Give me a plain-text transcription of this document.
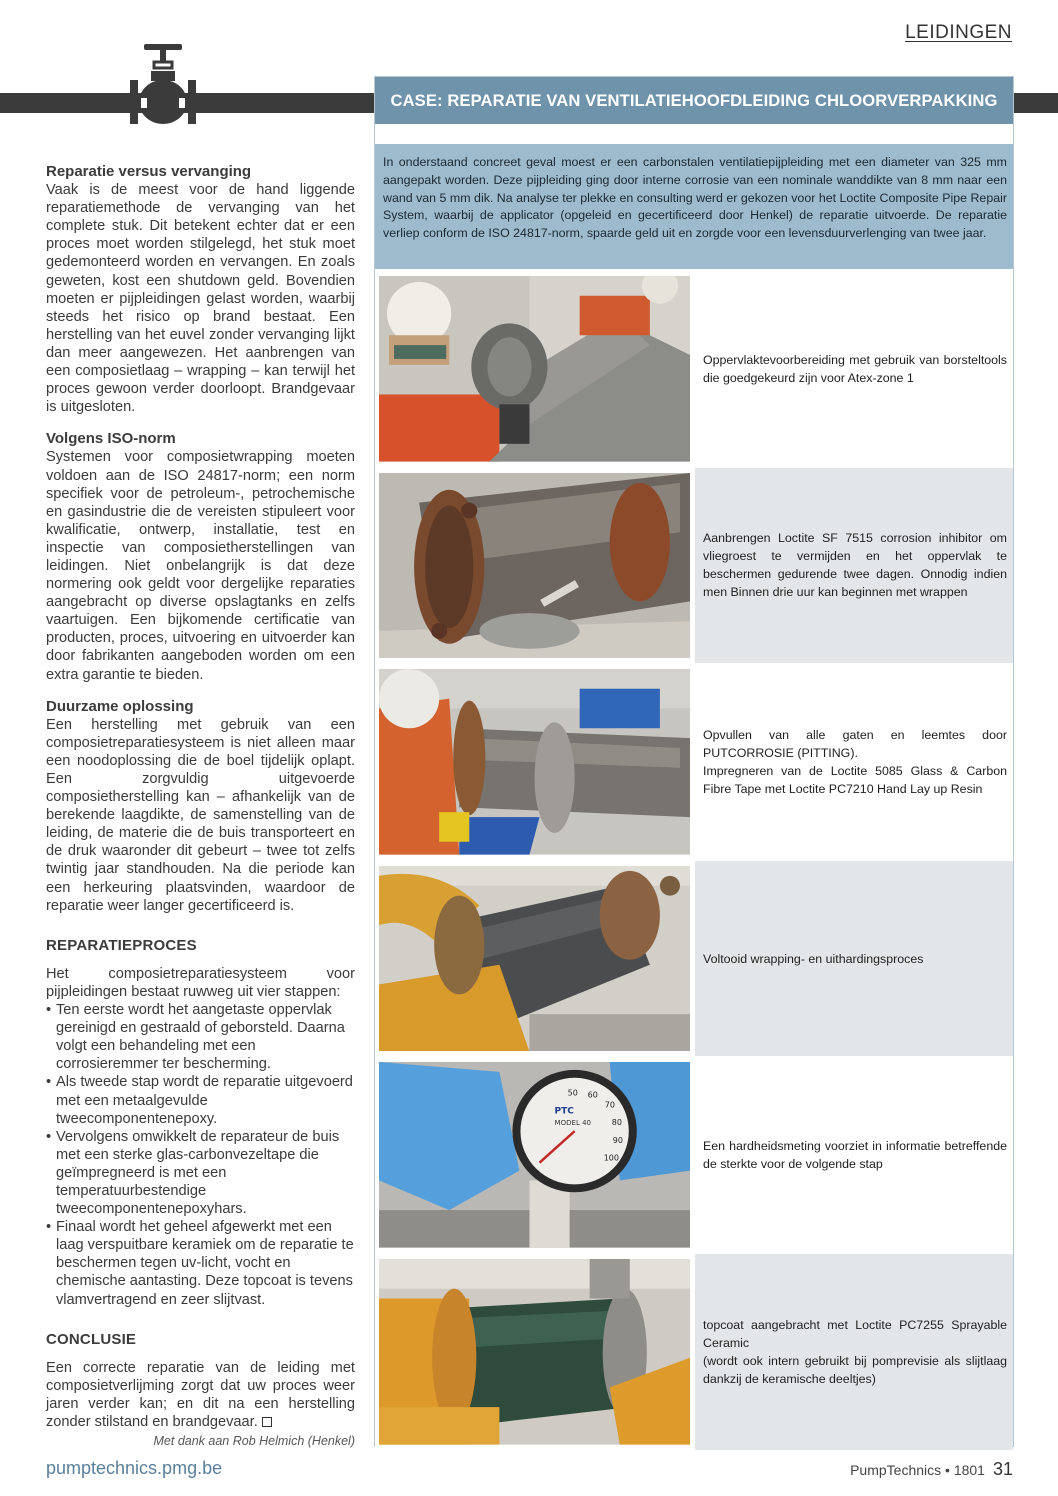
LEIDINGEN
Reparatie versus vervanging

Vaak is de meest voor de hand liggende reparatiemethode de vervanging van het complete stuk. Dit betekent echter dat er een proces moet worden stilgelegd, het stuk moet gedemonteerd worden en vervangen. En zoals geweten, kost een shutdown geld. Bovendien moeten er pijpleidingen gelast worden, waarbij steeds het risico op brand bestaat. Een herstelling van het euvel zonder vervanging lijkt dan meer aangewezen. Het aanbrengen van een composietlaag – wrapping – kan terwijl het proces gewoon verder doorloopt. Brandgevaar is uitgesloten.

Volgens ISO-norm

Systemen voor composietwrapping moeten voldoen aan de ISO 24817-norm; een norm specifiek voor de petroleum-, petrochemische en gasindustrie die de vereisten stipuleert voor kwalificatie, ontwerp, installatie, test en inspectie van composietherstellingen van leidingen. Niet onbelangrijk is dat deze normering ook geldt voor dergelijke reparaties aangebracht op diverse opslagtanks en zelfs vaartuigen. Een bijkomende certificatie van producten, proces, uitvoering en uitvoerder kan door fabrikanten aangeboden worden om een extra garantie te bieden.

Duurzame oplossing

Een herstelling met gebruik van een composietreparatiesysteem is niet alleen maar een noodoplossing die de boel tijdelijk oplapt. Een zorgvuldig uitgevoerde composietherstelling kan – afhankelijk van de berekende laagdikte, de samenstelling van de leiding, de materie die de buis transporteert en de druk waaronder dit gebeurt – twee tot zelfs twintig jaar standhouden. Na die periode kan een herkeuring plaatsvinden, waardoor de reparatie weer langer gecertificeerd is.

REPARATIEPROCES

Het composietreparatiesysteem voor pijpleidingen bestaat ruwweg uit vier stappen:

• Ten eerste wordt het aangetaste oppervlak gereinigd en gestraald of geborsteld. Daarna volgt een behandeling met een corrosieremmer ter bescherming.
• Als tweede stap wordt de reparatie uitgevoerd met een metaalgevulde tweecomponentenepoxy.
• Vervolgens omwikkelt de reparateur de buis met een sterke glas-carbonvezeltape die geïmpregneerd is met een temperatuurbestendige tweecomponentenepoxyhars.
• Finaal wordt het geheel afgewerkt met een laag verspuitbare keramiek om de reparatie te beschermen tegen uv-licht, vocht en chemische aantasting. Deze topcoat is tevens vlamvertragend en zeer slijtvast.
CONCLUSIE

Een correcte reparatie van de leiding met composietverlijming zorgt dat uw proces weer jaren verder kan; en dit na een herstelling zonder stilstand en brandgevaar.

Met dank aan Rob Helmich (Henkel)
CASE: REPARATIE VAN VENTILATIEHOOFDLEIDING CHLOORVERPAKKING
In onderstaand concreet geval moest er een carbonstalen ventilatiepijpleiding met een diameter van 325 mm aangepakt worden. Deze pijpleiding ging door interne corrosie van een nominale wanddikte van 8 mm naar een wand van 5 mm dik. Na analyse ter plekke en consulting werd er gekozen voor het Loctite Composite Pipe Repair System, waarbij de applicator (opgeleid en gecertificeerd door Henkel) de reparatie uitvoerde. De reparatie verliep conform de ISO 24817-norm, spaarde geld uit en zorgde voor een levensduurverlenging van twee jaar.
Oppervlaktevoorbereiding met gebruik van borsteltools die goedgekeurd zijn voor Atex-zone 1
Aanbrengen Loctite SF 7515 corrosion inhibitor om vliegroest te vermijden en het oppervlak te beschermen gedurende twee dagen. Onnodig indien men Binnen drie uur kan beginnen met wrappen
Opvullen van alle gaten en leemtes door PUTCORROSIE (PITTING).
Impregneren van de Loctite 5085 Glass & Carbon Fibre Tape met Loctite PC7210 Hand Lay up Resin
Voltooid wrapping- en uithardingsproces
PTC
MODEL 40
50 60
70
80
90
100
Een hardheidsmeting voorziet in informatie betreffende de sterkte voor de volgende stap
topcoat aangebracht met Loctite PC7255 Sprayable Ceramic
(wordt ook intern gebruikt bij pomprevisie als slijtlaag dankzij de keramische deeltjes)
pumptechnics.pmg.be	PumpTechnics • 1801 31
